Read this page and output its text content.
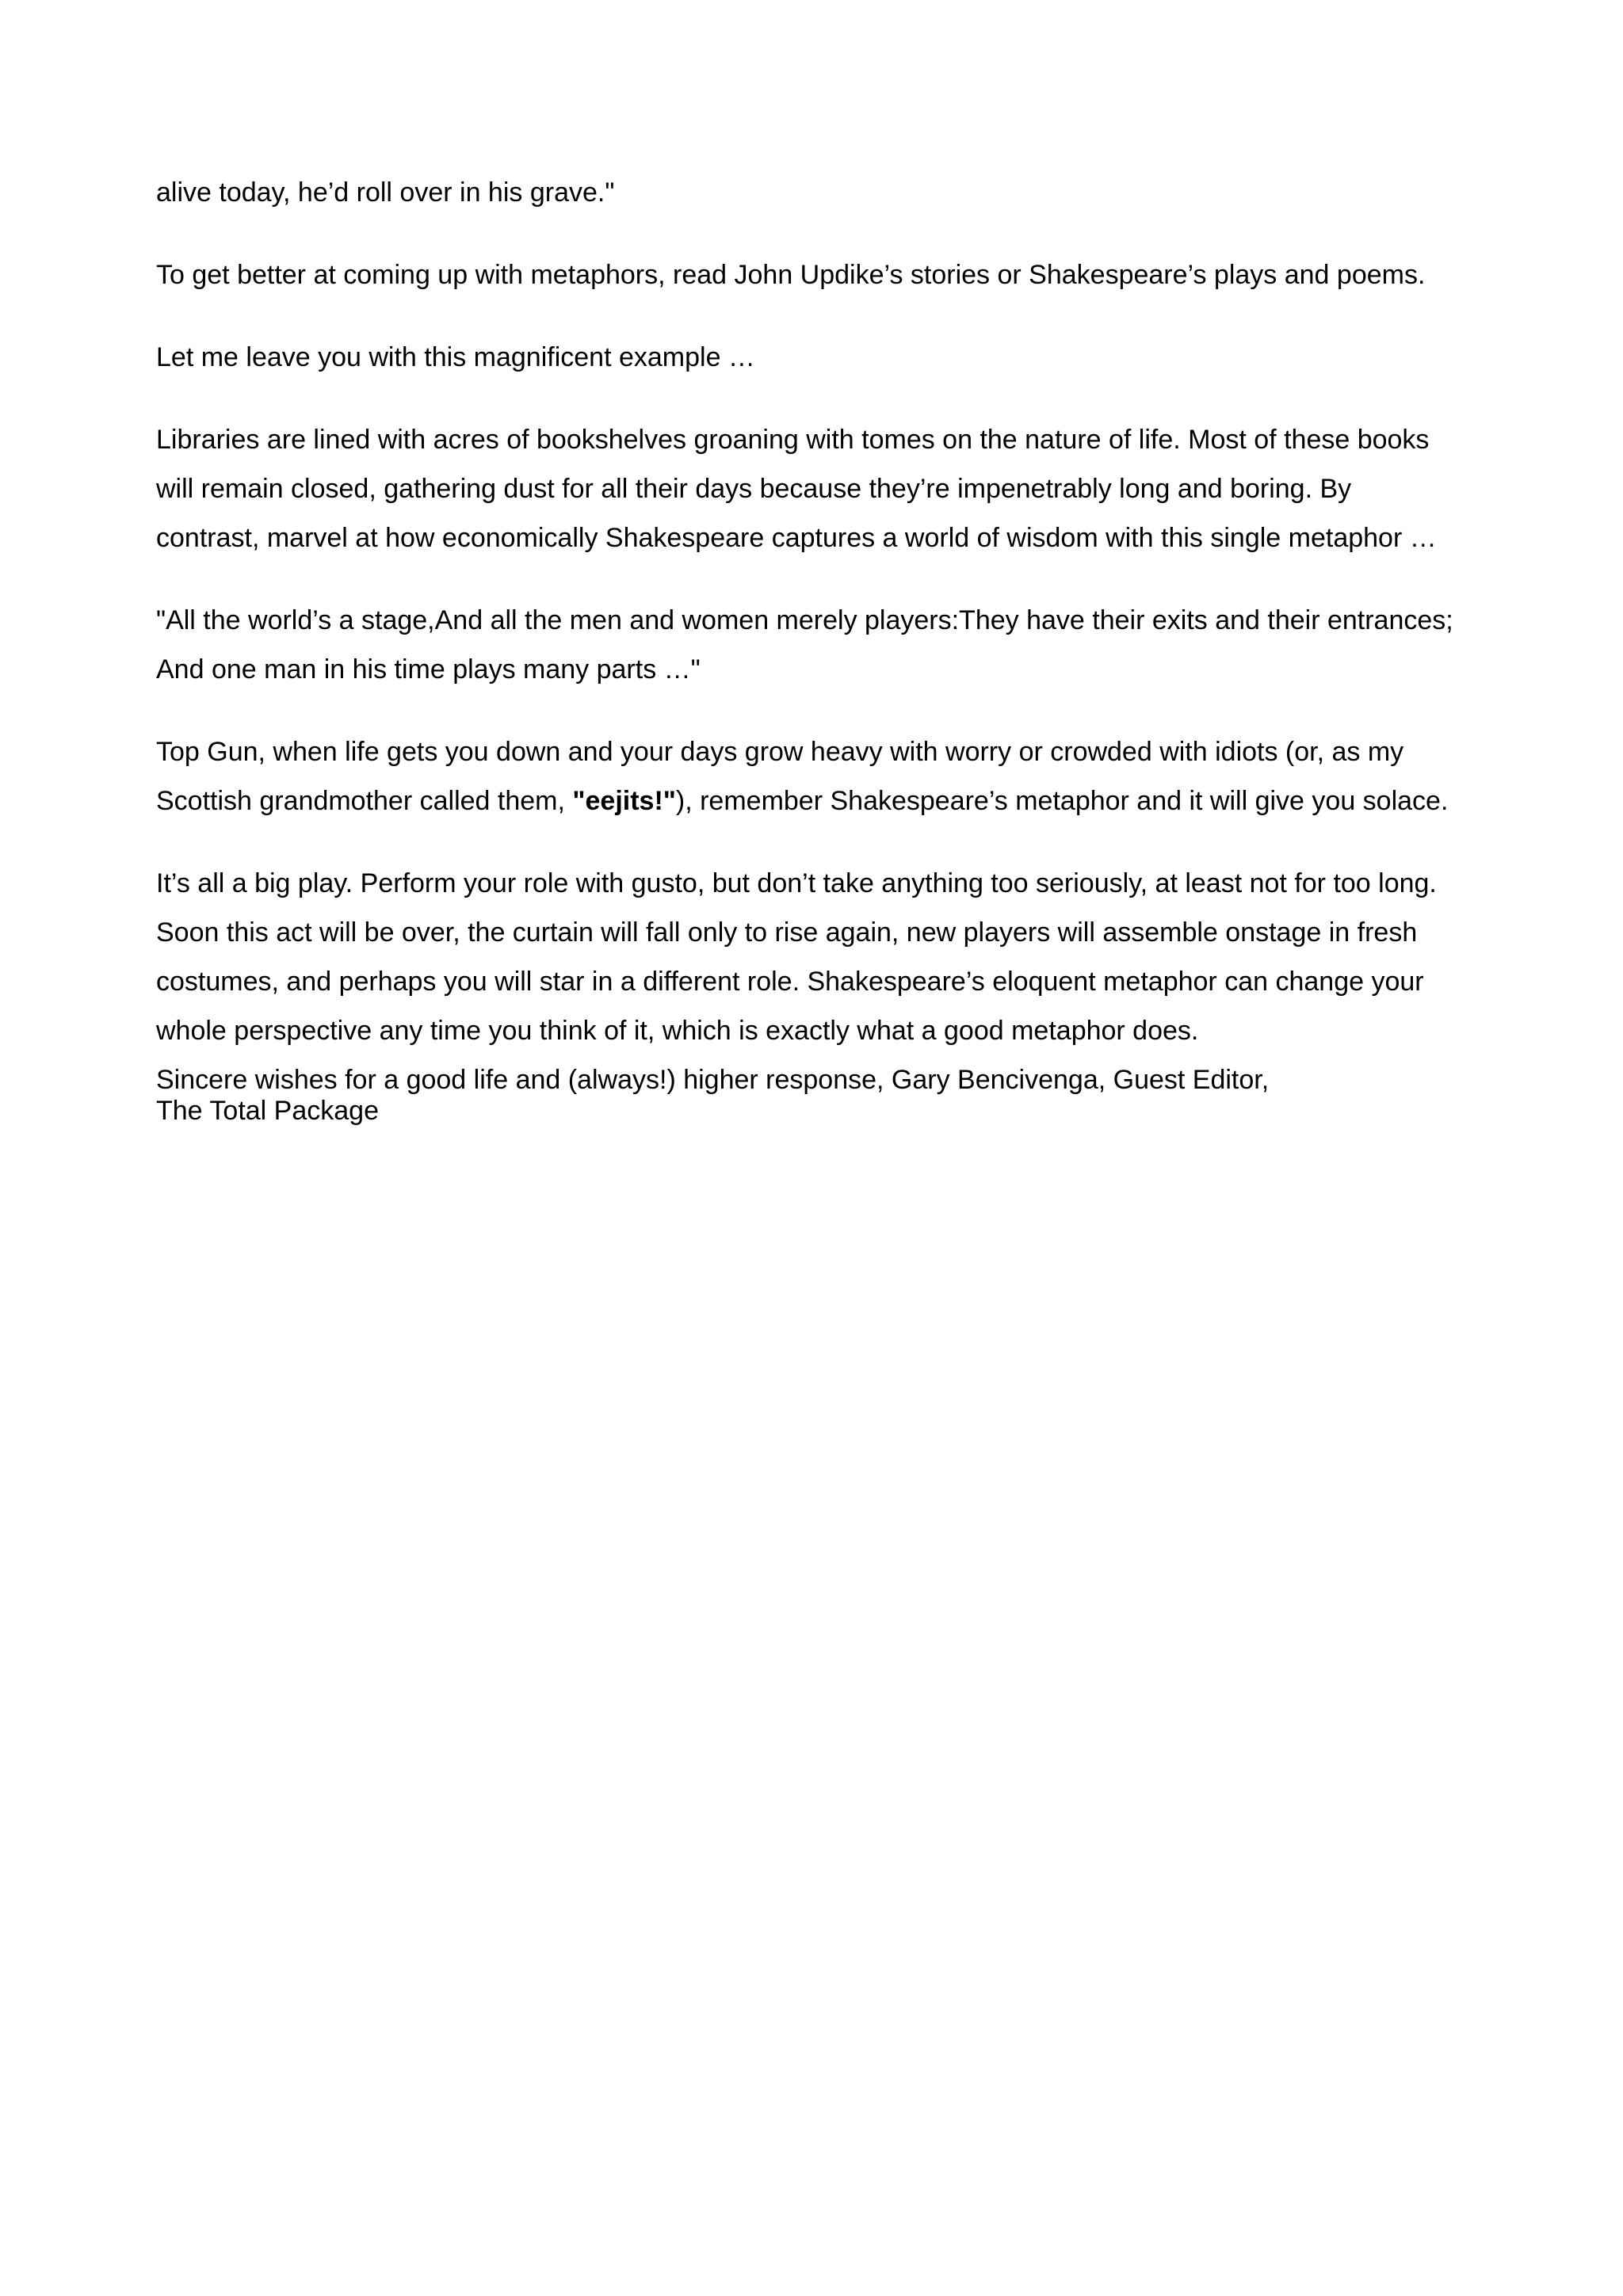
alive today, he’d roll over in his grave."

To get better at coming up with metaphors, read John Updike’s stories or Shakespeare’s plays and poems.

Let me leave you with this magnificent example …

Libraries are lined with acres of bookshelves groaning with tomes on the nature of life. Most of these books
will remain closed, gathering dust for all their days because they’re impenetrably long and boring. By
contrast, marvel at how economically Shakespeare captures a world of wisdom with this single metaphor …

"All the world’s a stage,And all the men and women merely players:They have their exits and their entrances;
And one man in his time plays many parts …"

Top Gun, when life gets you down and your days grow heavy with worry or crowded with idiots (or, as my
Scottish grandmother called them, "eejits!"), remember Shakespeare’s metaphor and it will give you solace.

It’s all a big play. Perform your role with gusto, but don’t take anything too seriously, at least not for too long.
Soon this act will be over, the curtain will fall only to rise again, new players will assemble onstage in fresh
costumes, and perhaps you will star in a different role. Shakespeare’s eloquent metaphor can change your
whole perspective any time you think of it, which is exactly what a good metaphor does.

Sincere wishes for a good life and (always!) higher response, Gary Bencivenga, Guest Editor,
The Total Package
